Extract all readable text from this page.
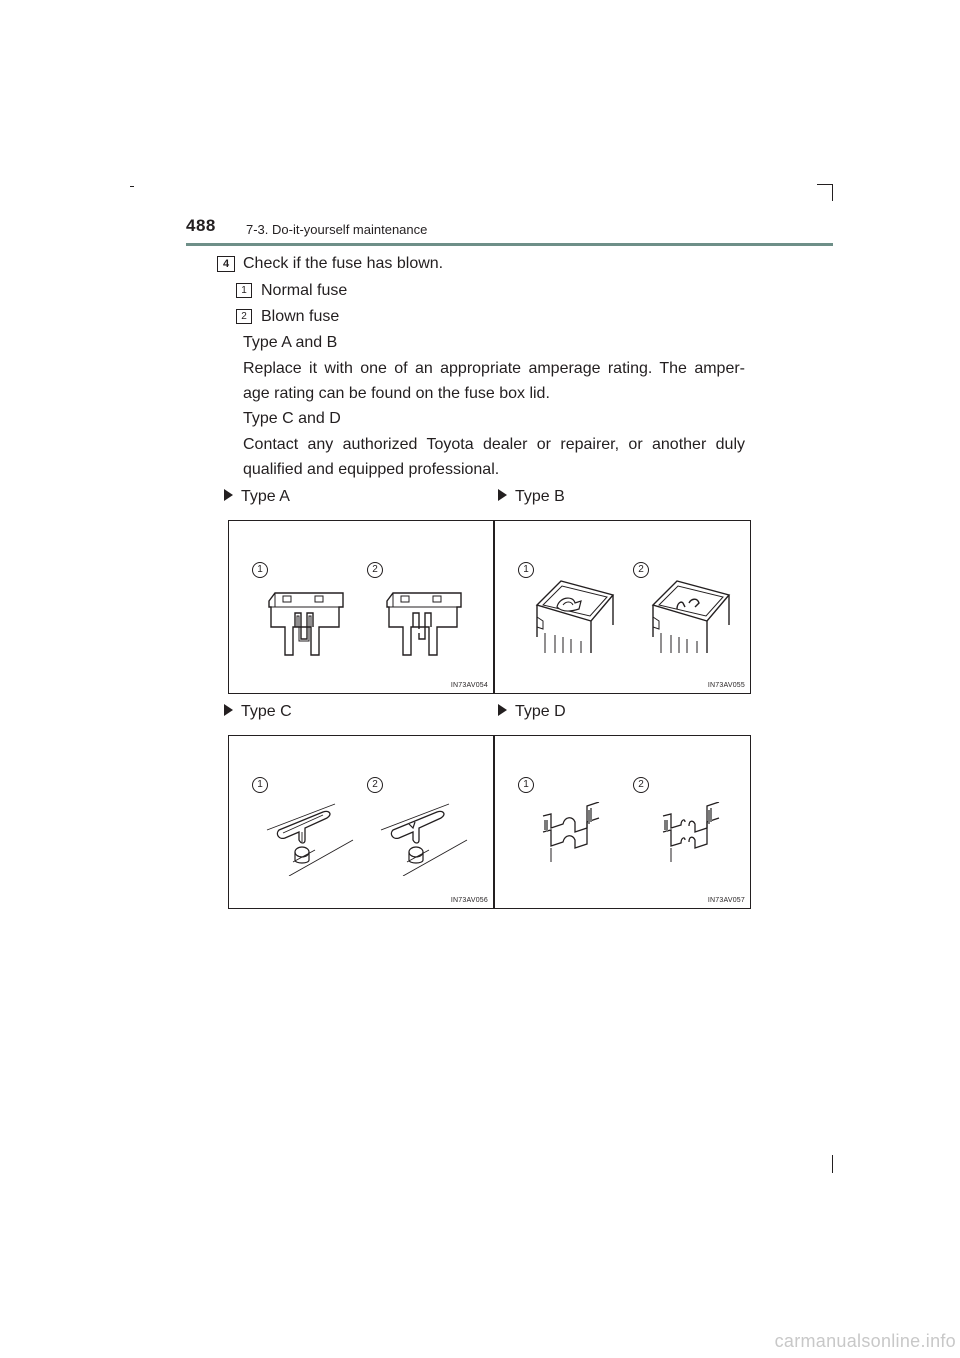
488 7-3. Do-it-yourself maintenance
4 Check if the fuse has blown.
1 Normal fuse
2 Blown fuse
Type A and B
Replace it with one of an appropriate amperage rating. The amper- age rating can be found on the fuse box lid.
Type C and D
Contact any authorized Toyota dealer or repairer, or another duly qualified and equipped professional.
Type A	Type B
1	2
IN73AV054
1	2
IN73AV055
Type C	Type D
1	2
IN73AV056
1	2
IN73AV057
carmanualsonline.info
